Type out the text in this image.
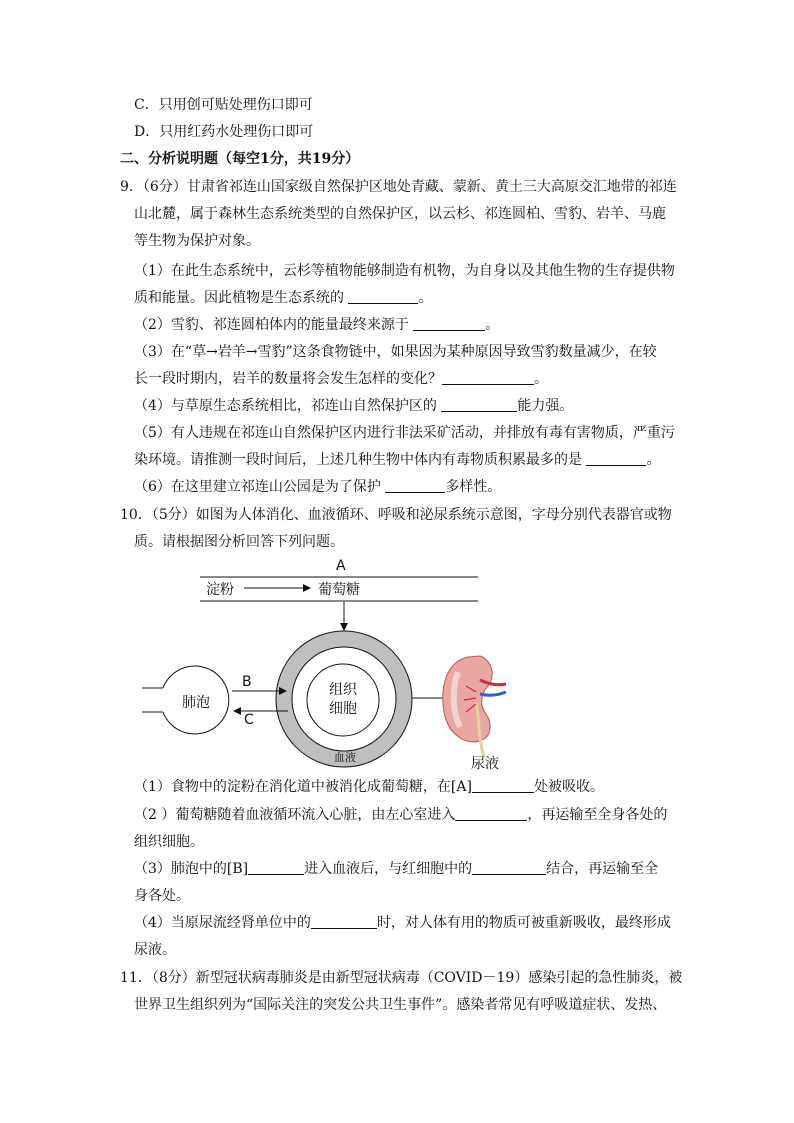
C．只用创可贴处理伤口即可
D．只用红药水处理伤口即可
二、分析说明题（每空1分，共19分）
9．（6分）甘肃省祁连山国家级自然保护区地处青藏、蒙新、黄土三大高原交汇地带的祁连
山北麓，属于森林生态系统类型的自然保护区，以云杉、祁连圆柏、雪豹、岩羊、马鹿
等生物为保护对象。
（1）在此生态系统中，云杉等植物能够制造有机物，为自身以及其他生物的生存提供物
质和能量。因此植物是生态系统的	。
（2）雪豹、祁连圆柏体内的能量最终来源于	。
（3）在“草→岩羊→雪豹”这条食物链中，如果因为某种原因导致雪豹数量减少，在较
长一段时期内，岩羊的数量将会发生怎样的变化？	。
（4）与草原生态系统相比，祁连山自然保护区的	能力强。
（5）有人违规在祁连山自然保护区内进行非法采矿活动，并排放有毒有害物质，严重污
染环境。请推测一段时间后，上述几种生物中体内有毒物质积累最多的是	。
（6）在这里建立祁连山公园是为了保护	多样性。
10．（5分）如图为人体消化、血液循环、呼吸和泌尿系统示意图，字母分别代表器官或物
质。请根据图分析回答下列问题。
A
淀粉	葡萄糖
肺泡
B
C
组织
细胞
血液	尿液
（1）食物中的淀粉在消化道中被消化成葡萄糖，在[A]	处被吸收。
（2 ）葡萄糖随着血液循环流入心脏，由左心室进入	，再运输至全身各处的
组织细胞。
（3）肺泡中的[B]	进入血液后，与红细胞中的	结合，再运输至全
身各处。
（4）当原尿流经肾单位中的	时，对人体有用的物质可被重新吸收，最终形成
尿液。
11．（8分）新型冠状病毒肺炎是由新型冠状病毒（COVID－19）感染引起的急性肺炎，被
世界卫生组织列为“国际关注的突发公共卫生事件”。感染者常见有呼吸道症状、发热、
